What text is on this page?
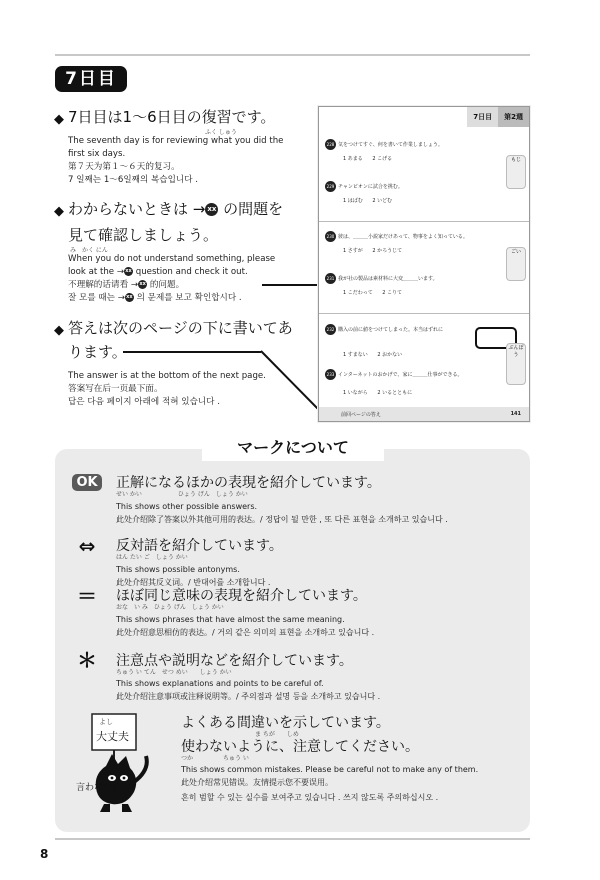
7日目
◆ 7日目は1～6日目の復習です。
ふく しゅう
The seventh day is for reviewing what you did the
first six days.
第７天为第１～６天的复习。
7 일째는 1～6일째의 복습입니다 .
◆ わからないときは → xx の問題を
見て確認しましょう。
み　かく にん
When you do not understand something, please
look at the →xx question and check it out.
不理解的话请看 →xx 的问题。
잘 모를 때는 →xx 의 문제를 보고 확인합시다 .
◆ 答えは次のページの下に書いてあ
ります。
The answer is at the bottom of the next page.
答案写在后一页最下面。
답은 다음 페이지 아래에 적혀 있습니다 .
7日目	第2週
228 気をつけてすぐ、何を書いて作業しましょう。
1 あまる 2 こげる
229 チャンピオンに試合を挑む。
1 はばむ 2 いどむ
230 彼は、＿＿＿小説家だけあって、物事をよく知っている。
1 さすが 2 かろうじて
231 我が社の製品は素材料に大変＿＿＿います。
1 こだわって 2 こりて
232 購入の前に値をつけてしまった。本当はずれに
1 すまない 2 おかない
233 インターネットのおかげで、家に＿＿＿仕事ができる。
1 いながら 2 いるとともに
前回ページの答え	141
もじ
ごい
ぶんぽう
マークについて
OK	正解になるほかの表現を紹介しています。
せい かい　　　　　　ひょう げん　しょう かい
This shows other possible answers.
此处介绍除了答案以外其他可用的表达。/ 정답이 될 만한 , 또 다른 표현을 소개하고 있습니다 .
⇔	反対語を紹介しています。
はん たい ご　しょう かい
This shows possible antonyms.
此处介绍其反义词。/ 반대어를 소개합니다 .
＝	ほぼ同じ意味の表現を紹介しています。
おな　い み　ひょう げん　しょう かい
This shows phrases that have almost the same meaning.
此处介绍意思相仿的表达。/ 거의 같은 의미의 표현을 소개하고 있습니다 .
＊	注意点や説明などを紹介しています。
ちゅう い てん　せつ めい　　しょう かい
This shows explanations and points to be careful of.
此处介绍注意事项或注释说明等。/ 주의점과 설명 등을 소개하고 있습니다 .
よし
大丈夫
言わない!
よくある間違いを示しています。
ま ちが　　しめ
使わないように、注意してください。
つか　　　　　ちゅう い
This shows common mistakes. Please be careful not to make any of them.
此处介绍常见错误。友情提示您不要误用。
흔히 범할 수 있는 실수를 보여주고 있습니다 . 쓰지 않도록 주의하십시오 .
8
